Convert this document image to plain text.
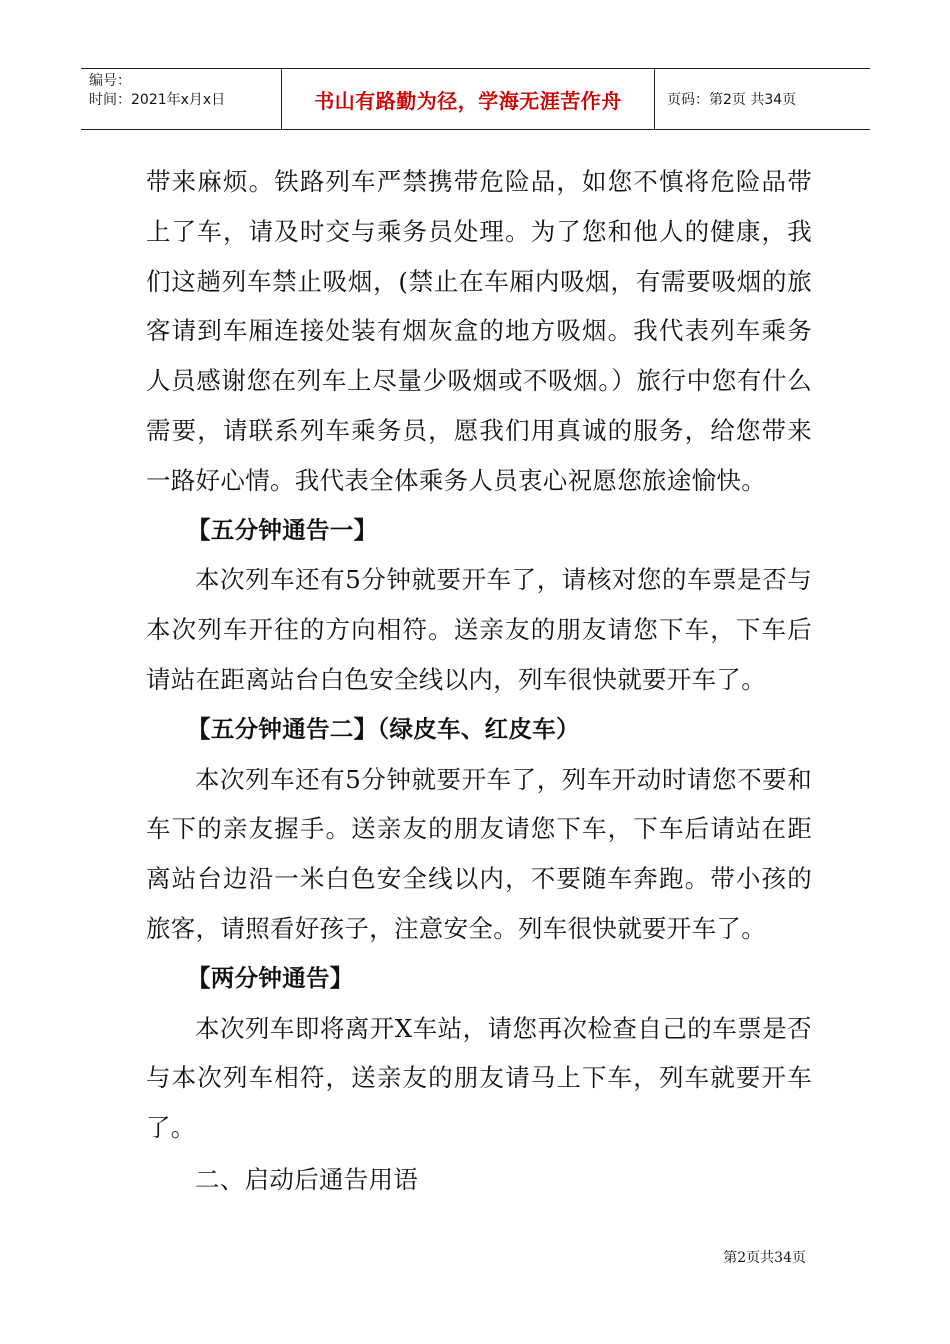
编号：
时间：2021年x月x日	书山有路勤为径，学海无涯苦作舟	页码：第2页 共34页

带来麻烦。铁路列车严禁携带危险品，如您不慎将危险品带上了车，请及时交与乘务员处理。为了您和他人的健康，我们这趟列车禁止吸烟，(禁止在车厢内吸烟，有需要吸烟的旅客请到车厢连接处装有烟灰盒的地方吸烟。我代表列车乘务人员感谢您在列车上尽量少吸烟或不吸烟。）旅行中您有什么需要，请联系列车乘务员，愿我们用真诚的服务，给您带来一路好心情。我代表全体乘务人员衷心祝愿您旅途愉快。

【五分钟通告一】

本次列车还有5分钟就要开车了，请核对您的车票是否与本次列车开往的方向相符。送亲友的朋友请您下车，下车后请站在距离站台白色安全线以内，列车很快就要开车了。

【五分钟通告二】（绿皮车、红皮车）

本次列车还有5分钟就要开车了，列车开动时请您不要和车下的亲友握手。送亲友的朋友请您下车，下车后请站在距离站台边沿一米白色安全线以内，不要随车奔跑。带小孩的旅客，请照看好孩子，注意安全。列车很快就要开车了。

【两分钟通告】

本次列车即将离开X车站，请您再次检查自己的车票是否与本次列车相符，送亲友的朋友请马上下车，列车就要开车了。

二、启动后通告用语

第2页共34页
